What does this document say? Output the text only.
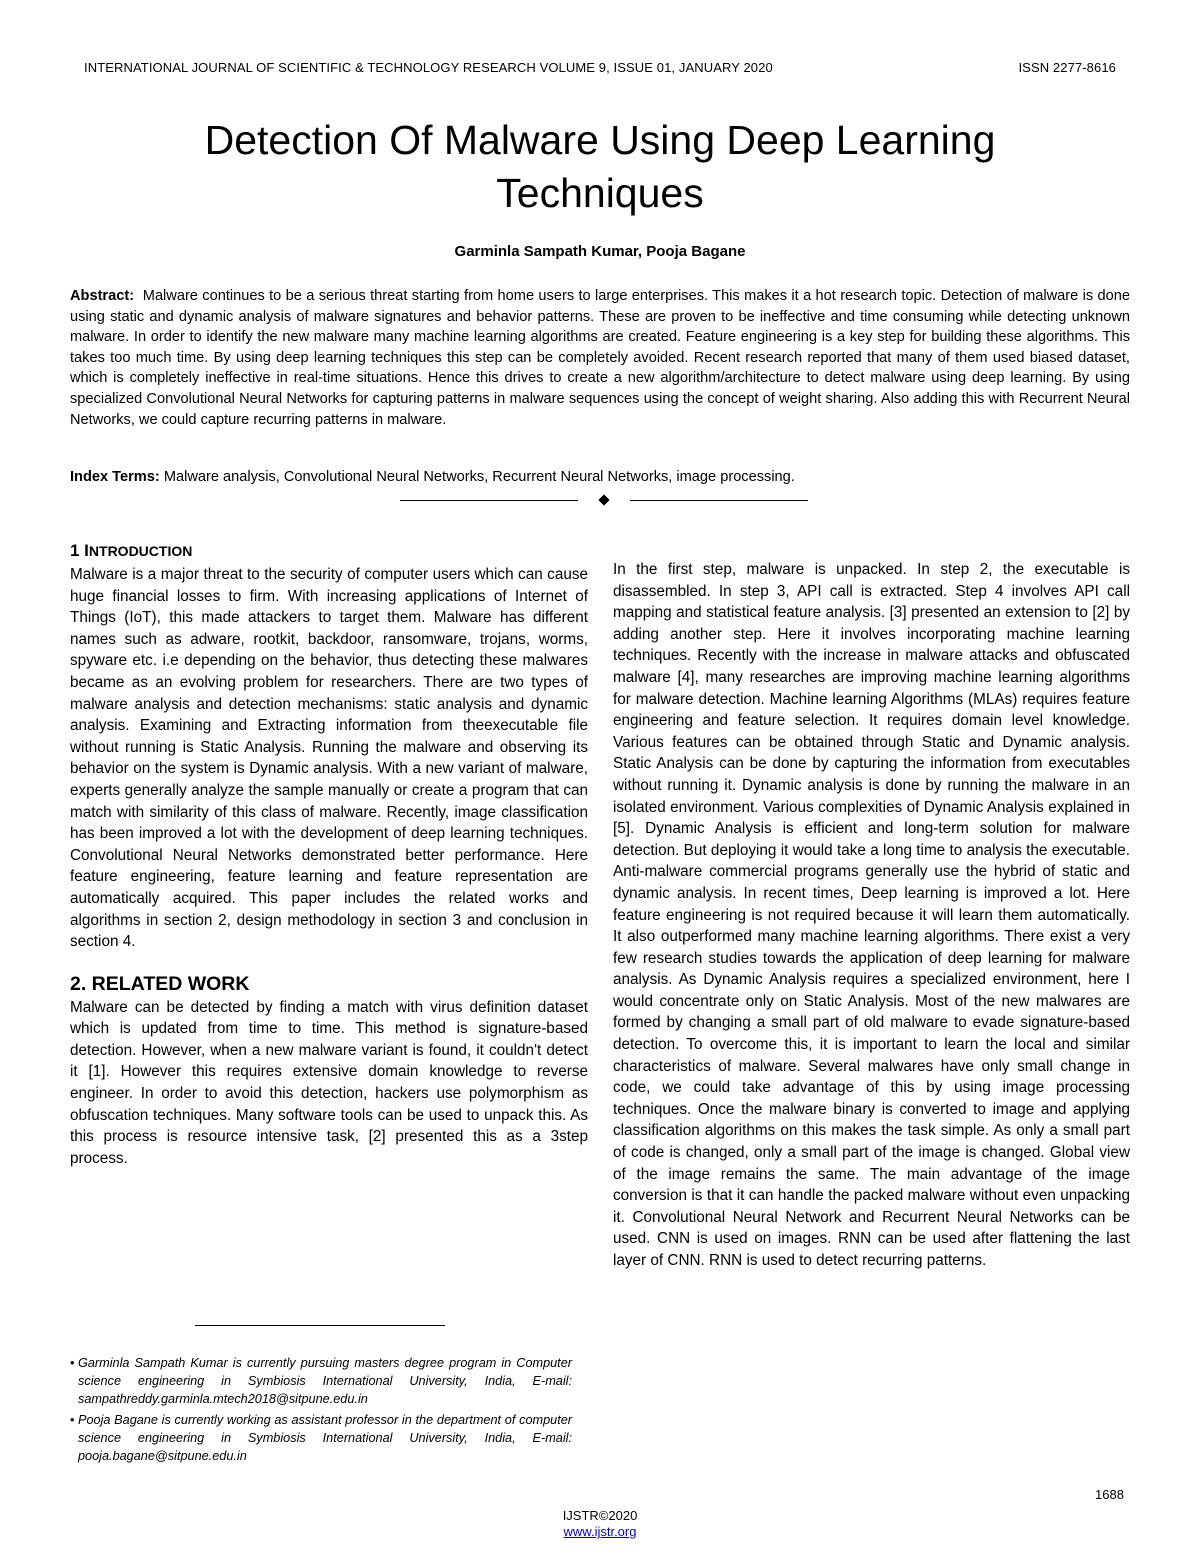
INTERNATIONAL JOURNAL OF SCIENTIFIC & TECHNOLOGY RESEARCH VOLUME 9, ISSUE 01, JANUARY 2020	ISSN 2277-8616
Detection Of Malware Using Deep Learning Techniques
Garminla Sampath Kumar, Pooja Bagane

Abstract: Malware continues to be a serious threat starting from home users to large enterprises. This makes it a hot research topic. Detection of malware is done using static and dynamic analysis of malware signatures and behavior patterns. These are proven to be ineffective and time consuming while detecting unknown malware. In order to identify the new malware many machine learning algorithms are created. Feature engineering is a key step for building these algorithms. This takes too much time. By using deep learning techniques this step can be completely avoided. Recent research reported that many of them used biased dataset, which is completely ineffective in real-time situations. Hence this drives to create a new algorithm/architecture to detect malware using deep learning. By using specialized Convolutional Neural Networks for capturing patterns in malware sequences using the concept of weight sharing. Also adding this with Recurrent Neural Networks, we could capture recurring patterns in malware.

Index Terms: Malware analysis, Convolutional Neural Networks, Recurrent Neural Networks, image processing.

1 INTRODUCTION

Malware is a major threat to the security of computer users which can cause huge financial losses to firm. With increasing applications of Internet of Things (IoT), this made attackers to target them. Malware has different names such as adware, rootkit, backdoor, ransomware, trojans, worms, spyware etc. i.e depending on the behavior, thus detecting these malwares became as an evolving problem for researchers. There are two types of malware analysis and detection mechanisms: static analysis and dynamic analysis. Examining and Extracting information from theexecutable file without running is Static Analysis. Running the malware and observing its behavior on the system is Dynamic analysis. With a new variant of malware, experts generally analyze the sample manually or create a program that can match with similarity of this class of malware. Recently, image classification has been improved a lot with the development of deep learning techniques. Convolutional Neural Networks demonstrated better performance. Here feature engineering, feature learning and feature representation are automatically acquired. This paper includes the related works and algorithms in section 2, design methodology in section 3 and conclusion in section 4.

2. RELATED WORK

Malware can be detected by finding a match with virus definition dataset which is updated from time to time. This method is signature-based detection. However, when a new malware variant is found, it couldn't detect it [1]. However this requires extensive domain knowledge to reverse engineer. In order to avoid this detection, hackers use polymorphism as obfuscation techniques. Many software tools can be used to unpack this. As this process is resource intensive task, [2] presented this as a 3step process.

In the first step, malware is unpacked. In step 2, the executable is disassembled. In step 3, API call is extracted. Step 4 involves API call mapping and statistical feature analysis. [3] presented an extension to [2] by adding another step. Here it involves incorporating machine learning techniques. Recently with the increase in malware attacks and obfuscated malware [4], many researches are improving machine learning algorithms for malware detection. Machine learning Algorithms (MLAs) requires feature engineering and feature selection. It requires domain level knowledge. Various features can be obtained through Static and Dynamic analysis. Static Analysis can be done by capturing the information from executables without running it. Dynamic analysis is done by running the malware in an isolated environment. Various complexities of Dynamic Analysis explained in [5]. Dynamic Analysis is efficient and long-term solution for malware detection. But deploying it would take a long time to analysis the executable. Anti-malware commercial programs generally use the hybrid of static and dynamic analysis. In recent times, Deep learning is improved a lot. Here feature engineering is not required because it will learn them automatically. It also outperformed many machine learning algorithms. There exist a very few research studies towards the application of deep learning for malware analysis. As Dynamic Analysis requires a specialized environment, here I would concentrate only on Static Analysis. Most of the new malwares are formed by changing a small part of old malware to evade signature-based detection. To overcome this, it is important to learn the local and similar characteristics of malware. Several malwares have only small change in code, we could take advantage of this by using image processing techniques. Once the malware binary is converted to image and applying classification algorithms on this makes the task simple. As only a small part of code is changed, only a small part of the image is changed. Global view of the image remains the same. The main advantage of the image conversion is that it can handle the packed malware without even unpacking it. Convolutional Neural Network and Recurrent Neural Networks can be used. CNN is used on images. RNN can be used after flattening the last layer of CNN. RNN is used to detect recurring patterns.

• Garminla Sampath Kumar is currently pursuing masters degree program in Computer science engineering in Symbiosis International University, India, E-mail: sampathreddy.garminla.mtech2018@sitpune.edu.in

• Pooja Bagane is currently working as assistant professor in the department of computer science engineering in Symbiosis International University, India, E-mail: pooja.bagane@sitpune.edu.in

1688
IJSTR©2020
www.ijstr.org
